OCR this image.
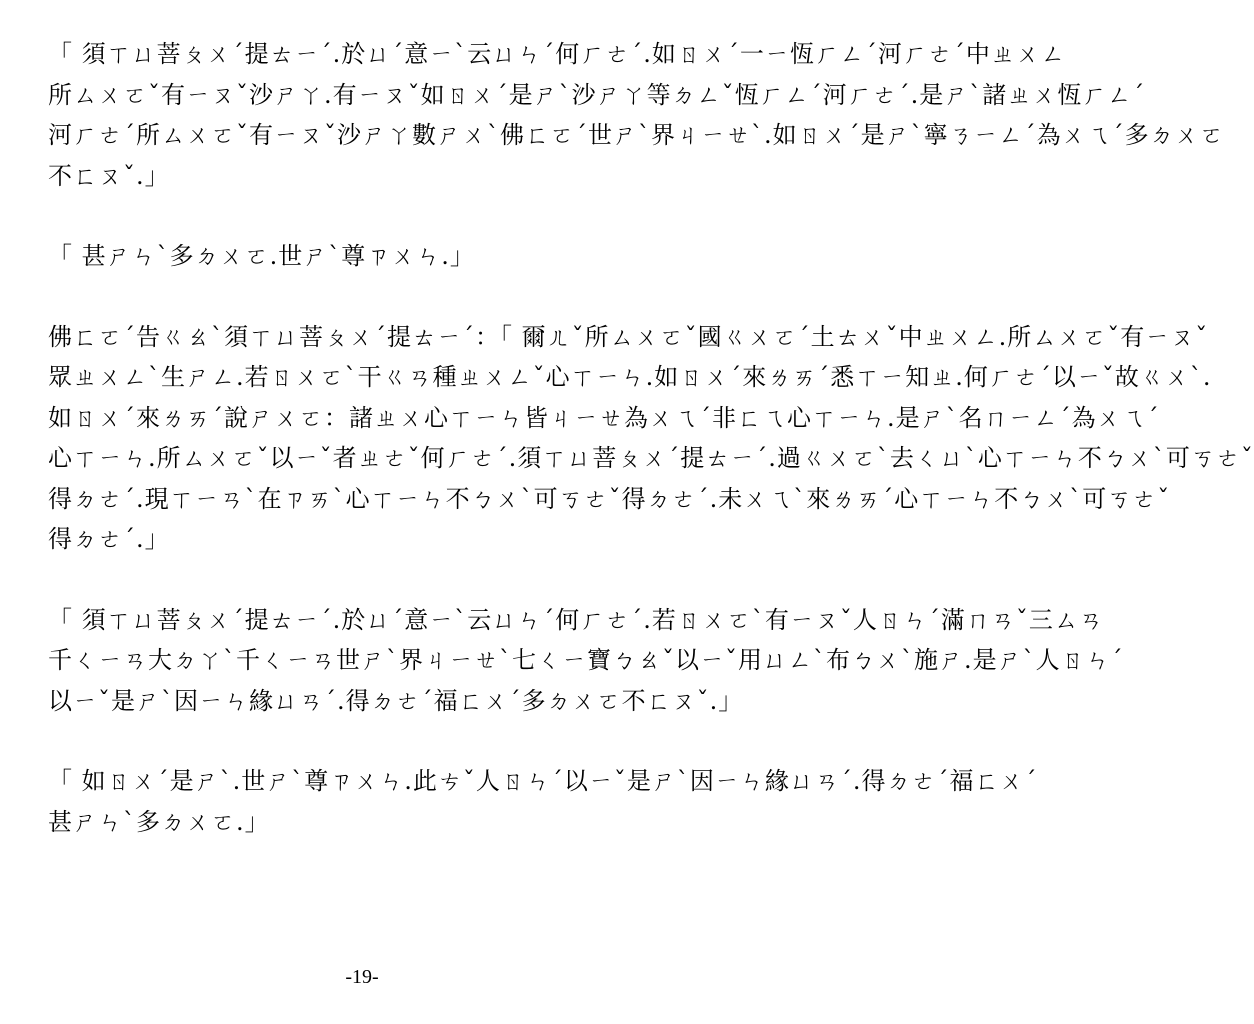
「 須ㄒㄩ菩ㄆㄨˊ提ㄊㄧˊ.於ㄩˊ意ㄧˋ云ㄩㄣˊ何ㄏㄜˊ.如ㄖㄨˊ一ㄧ恆ㄏㄥˊ河ㄏㄜˊ中ㄓㄨㄥ
所ㄙㄨㄛˇ有ㄧㄡˇ沙ㄕㄚ.有ㄧㄡˇ如ㄖㄨˊ是ㄕˋ沙ㄕㄚ等ㄉㄥˇ恆ㄏㄥˊ河ㄏㄜˊ.是ㄕˋ諸ㄓㄨ恆ㄏㄥˊ
河ㄏㄜˊ所ㄙㄨㄛˇ有ㄧㄡˇ沙ㄕㄚ數ㄕㄨˋ佛ㄈㄛˊ世ㄕˋ界ㄐㄧㄝˋ.如ㄖㄨˊ是ㄕˋ寧ㄋㄧㄥˊ為ㄨㄟˊ多ㄉㄨㄛ
不ㄈㄡˇ.」
「 甚ㄕㄣˋ多ㄉㄨㄛ.世ㄕˋ尊ㄗㄨㄣ.」
佛ㄈㄛˊ告ㄍㄠˋ須ㄒㄩ菩ㄆㄨˊ提ㄊㄧˊ：「 爾ㄦˇ所ㄙㄨㄛˇ國ㄍㄨㄛˊ土ㄊㄨˇ中ㄓㄨㄥ.所ㄙㄨㄛˇ有ㄧㄡˇ
眾ㄓㄨㄥˋ生ㄕㄥ.若ㄖㄨㄛˋ干ㄍㄢ種ㄓㄨㄥˇ心ㄒㄧㄣ.如ㄖㄨˊ來ㄌㄞˊ悉ㄒㄧ知ㄓ.何ㄏㄜˊ以ㄧˇ故ㄍㄨˋ.
如ㄖㄨˊ來ㄌㄞˊ說ㄕㄨㄛ：諸ㄓㄨ心ㄒㄧㄣ皆ㄐㄧㄝ為ㄨㄟˊ非ㄈㄟ心ㄒㄧㄣ.是ㄕˋ名ㄇㄧㄥˊ為ㄨㄟˊ
心ㄒㄧㄣ.所ㄙㄨㄛˇ以ㄧˇ者ㄓㄜˇ何ㄏㄜˊ.須ㄒㄩ菩ㄆㄨˊ提ㄊㄧˊ.過ㄍㄨㄛˋ去ㄑㄩˋ心ㄒㄧㄣ不ㄅㄨˋ可ㄎㄜˇ
得ㄉㄜˊ.現ㄒㄧㄢˋ在ㄗㄞˋ心ㄒㄧㄣ不ㄅㄨˋ可ㄎㄜˇ得ㄉㄜˊ.未ㄨㄟˋ來ㄌㄞˊ心ㄒㄧㄣ不ㄅㄨˋ可ㄎㄜˇ
得ㄉㄜˊ.」
「 須ㄒㄩ菩ㄆㄨˊ提ㄊㄧˊ.於ㄩˊ意ㄧˋ云ㄩㄣˊ何ㄏㄜˊ.若ㄖㄨㄛˋ有ㄧㄡˇ人ㄖㄣˊ滿ㄇㄢˇ三ㄙㄢ
千ㄑㄧㄢ大ㄉㄚˋ千ㄑㄧㄢ世ㄕˋ界ㄐㄧㄝˋ七ㄑㄧ寶ㄅㄠˇ以ㄧˇ用ㄩㄥˋ布ㄅㄨˋ施ㄕ.是ㄕˋ人ㄖㄣˊ
以ㄧˇ是ㄕˋ因ㄧㄣ緣ㄩㄢˊ.得ㄉㄜˊ福ㄈㄨˊ多ㄉㄨㄛ不ㄈㄡˇ.」
「 如ㄖㄨˊ是ㄕˋ.世ㄕˋ尊ㄗㄨㄣ.此ㄘˇ人ㄖㄣˊ以ㄧˇ是ㄕˋ因ㄧㄣ緣ㄩㄢˊ.得ㄉㄜˊ福ㄈㄨˊ
甚ㄕㄣˋ多ㄉㄨㄛ.」
-19-
